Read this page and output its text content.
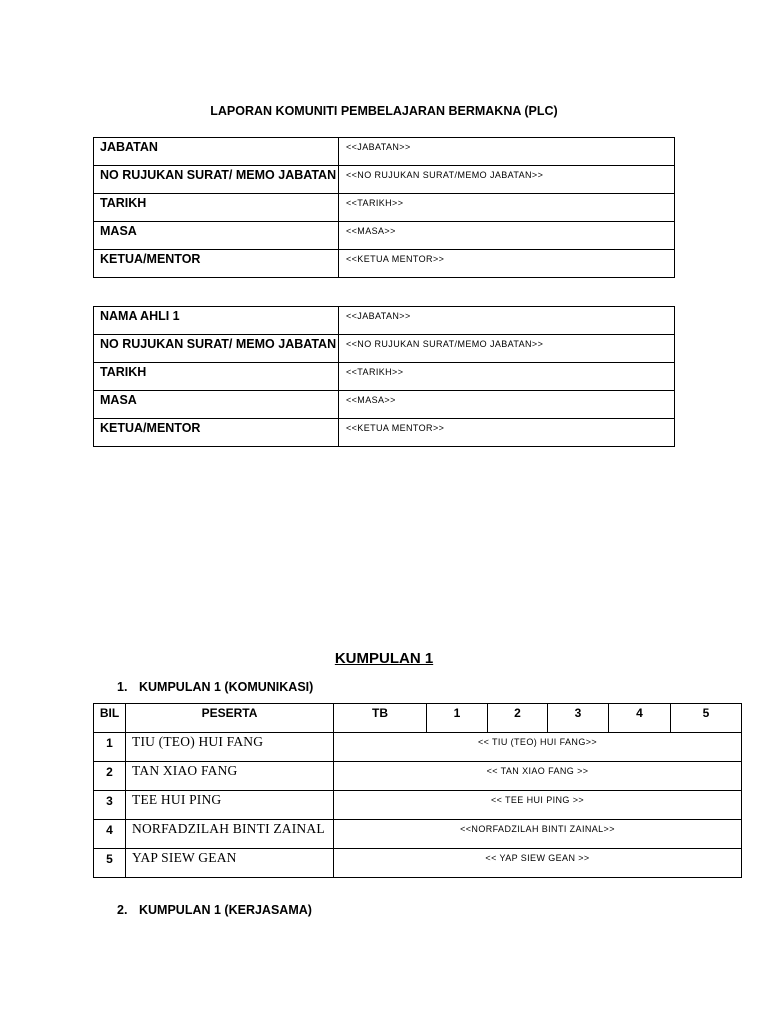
LAPORAN KOMUNITI PEMBELAJARAN BERMAKNA (PLC)
JABATAN	<<JABATAN>>
NO RUJUKAN SURAT/ MEMO JABATAN	<<NO RUJUKAN SURAT/MEMO JABATAN>>
TARIKH	<<TARIKH>>
MASA	<<MASA>>
KETUA/MENTOR	<<KETUA MENTOR>>
NAMA AHLI 1	<<JABATAN>>
NO RUJUKAN SURAT/ MEMO JABATAN	<<NO RUJUKAN SURAT/MEMO JABATAN>>
TARIKH	<<TARIKH>>
MASA	<<MASA>>
KETUA/MENTOR	<<KETUA MENTOR>>
KUMPULAN 1
1. KUMPULAN 1 (KOMUNIKASI)
BIL	PESERTA	TB	1	2	3	4	5
1	TIU (TEO) HUI FANG	<< TIU (TEO) HUI FANG>>					
2	TAN XIAO FANG	<< TAN XIAO FANG >>					
3	TEE HUI PING	<< TEE HUI PING >>					
4	NORFADZILAH BINTI ZAINAL	<<NORFADZILAH BINTI ZAINAL>>					
5	YAP SIEW GEAN	<< YAP SIEW GEAN >>					
2. KUMPULAN 1 (KERJASAMA)
